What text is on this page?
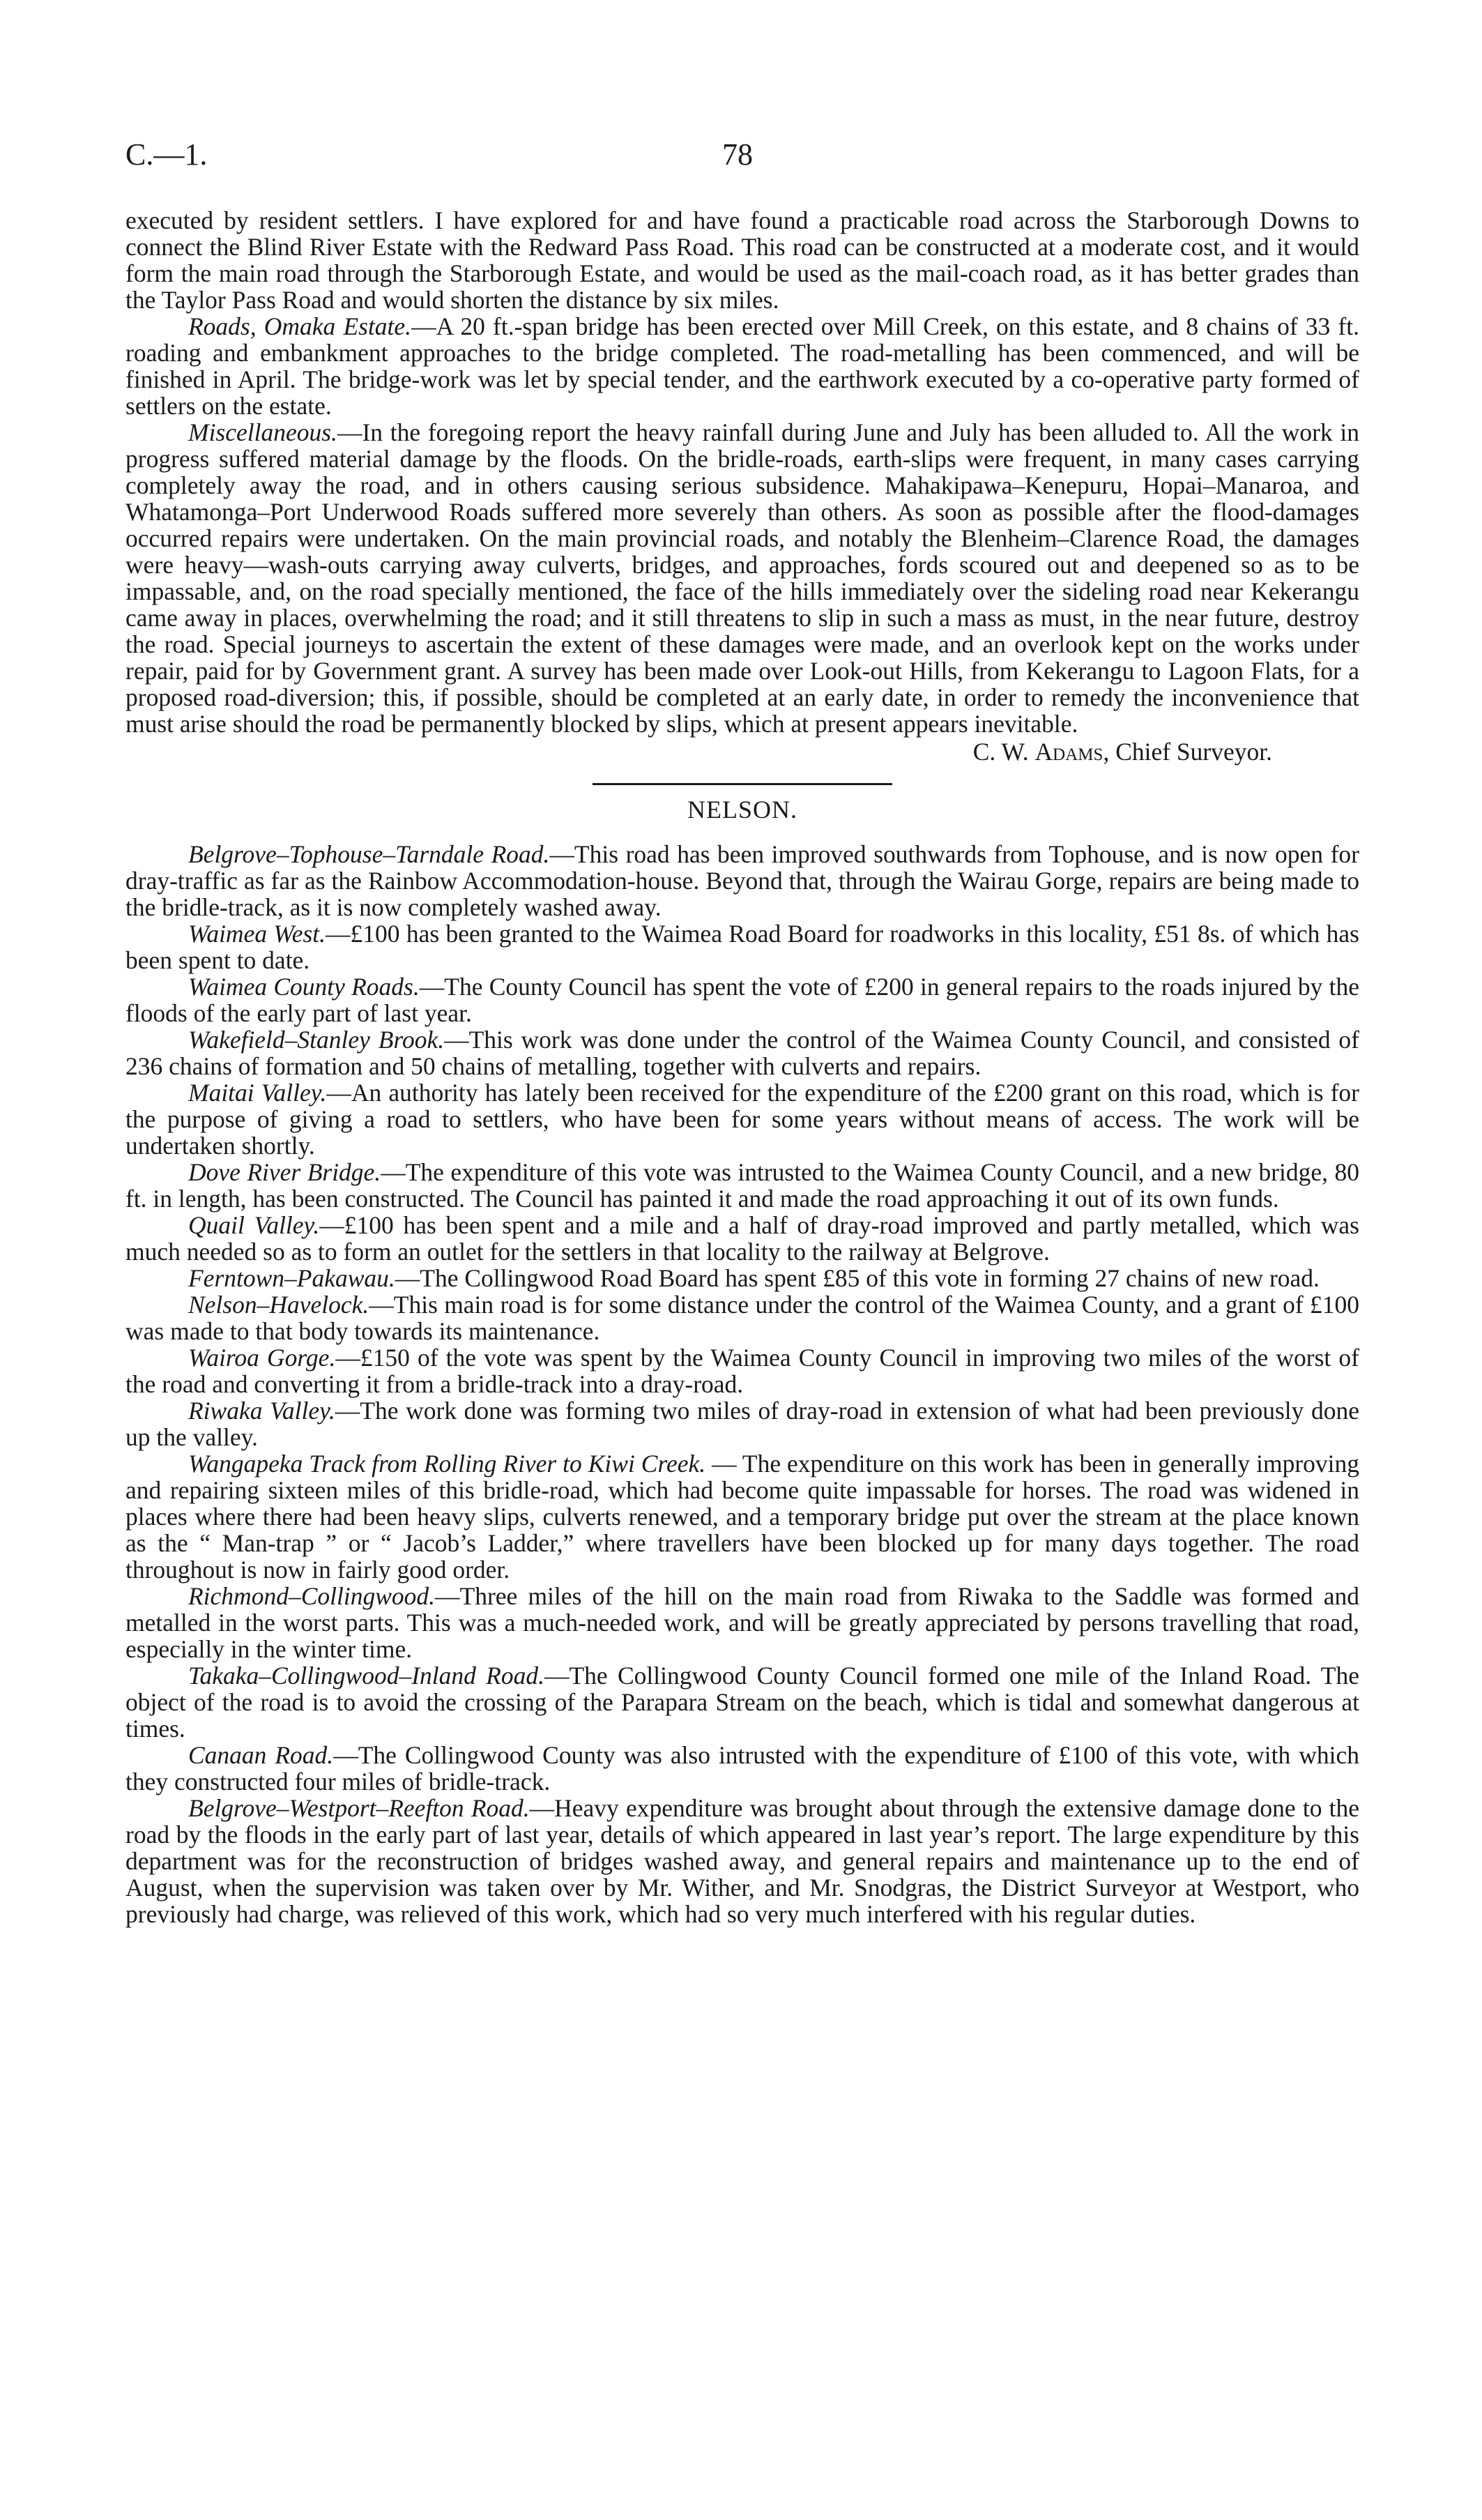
C.—1.	78

executed by resident settlers. I have explored for and have found a practicable road across the Starborough Downs to connect the Blind River Estate with the Redward Pass Road. This road can be constructed at a moderate cost, and it would form the main road through the Starborough Estate, and would be used as the mail-coach road, as it has better grades than the Taylor Pass Road and would shorten the distance by six miles.

Roads, Omaka Estate.—A 20 ft.-span bridge has been erected over Mill Creek, on this estate, and 8 chains of 33 ft. roading and embankment approaches to the bridge completed. The road-metalling has been commenced, and will be finished in April. The bridge-work was let by special tender, and the earthwork executed by a co-operative party formed of settlers on the estate.

Miscellaneous.—In the foregoing report the heavy rainfall during June and July has been alluded to. All the work in progress suffered material damage by the floods. On the bridle-roads, earth-slips were frequent, in many cases carrying completely away the road, and in others causing serious subsidence. Mahakipawa–Kenepuru, Hopai–Manaroa, and Whatamonga–Port Underwood Roads suffered more severely than others. As soon as possible after the flood-damages occurred repairs were undertaken. On the main provincial roads, and notably the Blenheim–Clarence Road, the damages were heavy—wash-outs carrying away culverts, bridges, and approaches, fords scoured out and deepened so as to be impassable, and, on the road specially mentioned, the face of the hills immediately over the sideling road near Kekerangu came away in places, overwhelming the road; and it still threatens to slip in such a mass as must, in the near future, destroy the road. Special journeys to ascertain the extent of these damages were made, and an overlook kept on the works under repair, paid for by Government grant. A survey has been made over Look-out Hills, from Kekerangu to Lagoon Flats, for a proposed road-diversion; this, if possible, should be completed at an early date, in order to remedy the inconvenience that must arise should the road be permanently blocked by slips, which at present appears inevitable.

C. W. Adams, Chief Surveyor.
NELSON.

Belgrove–Tophouse–Tarndale Road.—This road has been improved southwards from Tophouse, and is now open for dray-traffic as far as the Rainbow Accommodation-house. Beyond that, through the Wairau Gorge, repairs are being made to the bridle-track, as it is now completely washed away.

Waimea West.—£100 has been granted to the Waimea Road Board for roadworks in this locality, £51 8s. of which has been spent to date.

Waimea County Roads.—The County Council has spent the vote of £200 in general repairs to the roads injured by the floods of the early part of last year.

Wakefield–Stanley Brook.—This work was done under the control of the Waimea County Council, and consisted of 236 chains of formation and 50 chains of metalling, together with culverts and repairs.

Maitai Valley.—An authority has lately been received for the expenditure of the £200 grant on this road, which is for the purpose of giving a road to settlers, who have been for some years without means of access. The work will be undertaken shortly.

Dove River Bridge.—The expenditure of this vote was intrusted to the Waimea County Council, and a new bridge, 80 ft. in length, has been constructed. The Council has painted it and made the road approaching it out of its own funds.

Quail Valley.—£100 has been spent and a mile and a half of dray-road improved and partly metalled, which was much needed so as to form an outlet for the settlers in that locality to the railway at Belgrove.

Ferntown–Pakawau.—The Collingwood Road Board has spent £85 of this vote in forming 27 chains of new road.

Nelson–Havelock.—This main road is for some distance under the control of the Waimea County, and a grant of £100 was made to that body towards its maintenance.

Wairoa Gorge.—£150 of the vote was spent by the Waimea County Council in improving two miles of the worst of the road and converting it from a bridle-track into a dray-road.

Riwaka Valley.—The work done was forming two miles of dray-road in extension of what had been previously done up the valley.

Wangapeka Track from Rolling River to Kiwi Creek. — The expenditure on this work has been in generally improving and repairing sixteen miles of this bridle-road, which had become quite impassable for horses. The road was widened in places where there had been heavy slips, culverts renewed, and a temporary bridge put over the stream at the place known as the “ Man-trap ” or “ Jacob’s Ladder,” where travellers have been blocked up for many days together. The road throughout is now in fairly good order.

Richmond–Collingwood.—Three miles of the hill on the main road from Riwaka to the Saddle was formed and metalled in the worst parts. This was a much-needed work, and will be greatly appreciated by persons travelling that road, especially in the winter time.

Takaka–Collingwood–Inland Road.—The Collingwood County Council formed one mile of the Inland Road. The object of the road is to avoid the crossing of the Parapara Stream on the beach, which is tidal and somewhat dangerous at times.

Canaan Road.—The Collingwood County was also intrusted with the expenditure of £100 of this vote, with which they constructed four miles of bridle-track.

Belgrove–Westport–Reefton Road.—Heavy expenditure was brought about through the extensive damage done to the road by the floods in the early part of last year, details of which appeared in last year’s report. The large expenditure by this department was for the reconstruction of bridges washed away, and general repairs and maintenance up to the end of August, when the supervision was taken over by Mr. Wither, and Mr. Snodgras, the District Surveyor at Westport, who previously had charge, was relieved of this work, which had so very much interfered with his regular duties.
